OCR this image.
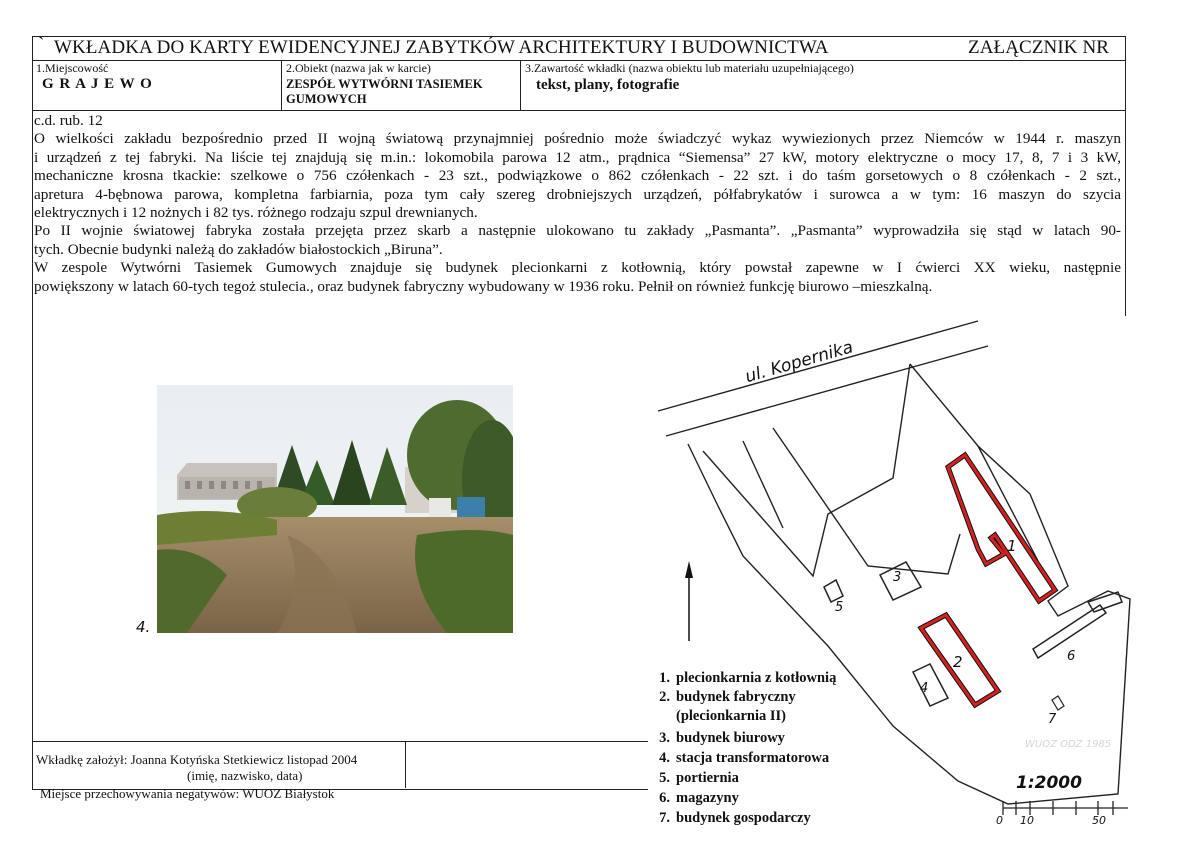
` WKŁADKA DO KARTY EWIDENCYJNEJ ZABYTKÓW ARCHITEKTURY I BUDOWNICTWA	ZAŁĄCZNIK NR
1.Miejscowość
G R A J E W O
2.Obiekt (nazwa jak w karcie)
ZESPÓŁ WYTWÓRNI TASIEMEK
GUMOWYCH
3.Zawartość wkładki (nazwa obiektu lub materiału uzupełniającego)
tekst, plany, fotografie
c.d. rub. 12
O wielkości zakładu bezpośrednio przed II wojną światową przynajmniej pośrednio może świadczyć wykaz wywiezionych przez Niemców w 1944 r. maszyn
i urządzeń z tej fabryki. Na liście tej znajdują się m.in.: lokomobila parowa 12 atm., prądnica “Siemensa” 27 kW, motory elektryczne o mocy 17, 8, 7 i 3 kW,
mechaniczne krosna tkackie: szelkowe o 756 czółenkach - 23 szt., podwiązkowe o 862 czółenkach - 22 szt. i do taśm gorsetowych o 8 czółenkach - 2 szt.,
apretura 4-bębnowa parowa, kompletna farbiarnia, poza tym cały szereg drobniejszych urządzeń, półfabrykatów i surowca a w tym: 16 maszyn do szycia
elektrycznych i 12 nożnych i 82 tys. różnego rodzaju szpul drewnianych.
Po II wojnie światowej fabryka została przejęta przez skarb a następnie ulokowano tu zakłady „Pasmanta”. „Pasmanta” wyprowadziła się stąd w latach 90-
tych. Obecnie budynki należą do zakładów białostockich „Biruna”.
W zespole Wytwórni Tasiemek Gumowych znajduje się budynek plecionkarni z kotłownią, który powstał zapewne w I ćwierci XX wieku, następnie
powiększony w latach 60-tych tegoż stulecia., oraz budynek fabryczny wybudowany w 1936 roku. Pełnił on również funkcję biurowo –mieszkalną.
4.
ul. Kopernika
1
2
3
4
5
6
7
WUOZ ODZ 1985
1:2000
0 10	50
1. plecionkarnia z kotłownią
2. budynek fabryczny
(plecionkarnia II)
3. budynek biurowy
4. stacja transformatorowa
5. portiernia
6. magazyny
7. budynek gospodarczy
Wkładkę założył: Joanna Kotyńska Stetkiewicz listopad 2004
(imię, nazwisko, data)
Miejsce przechowywania negatywów: WUOZ Białystok
